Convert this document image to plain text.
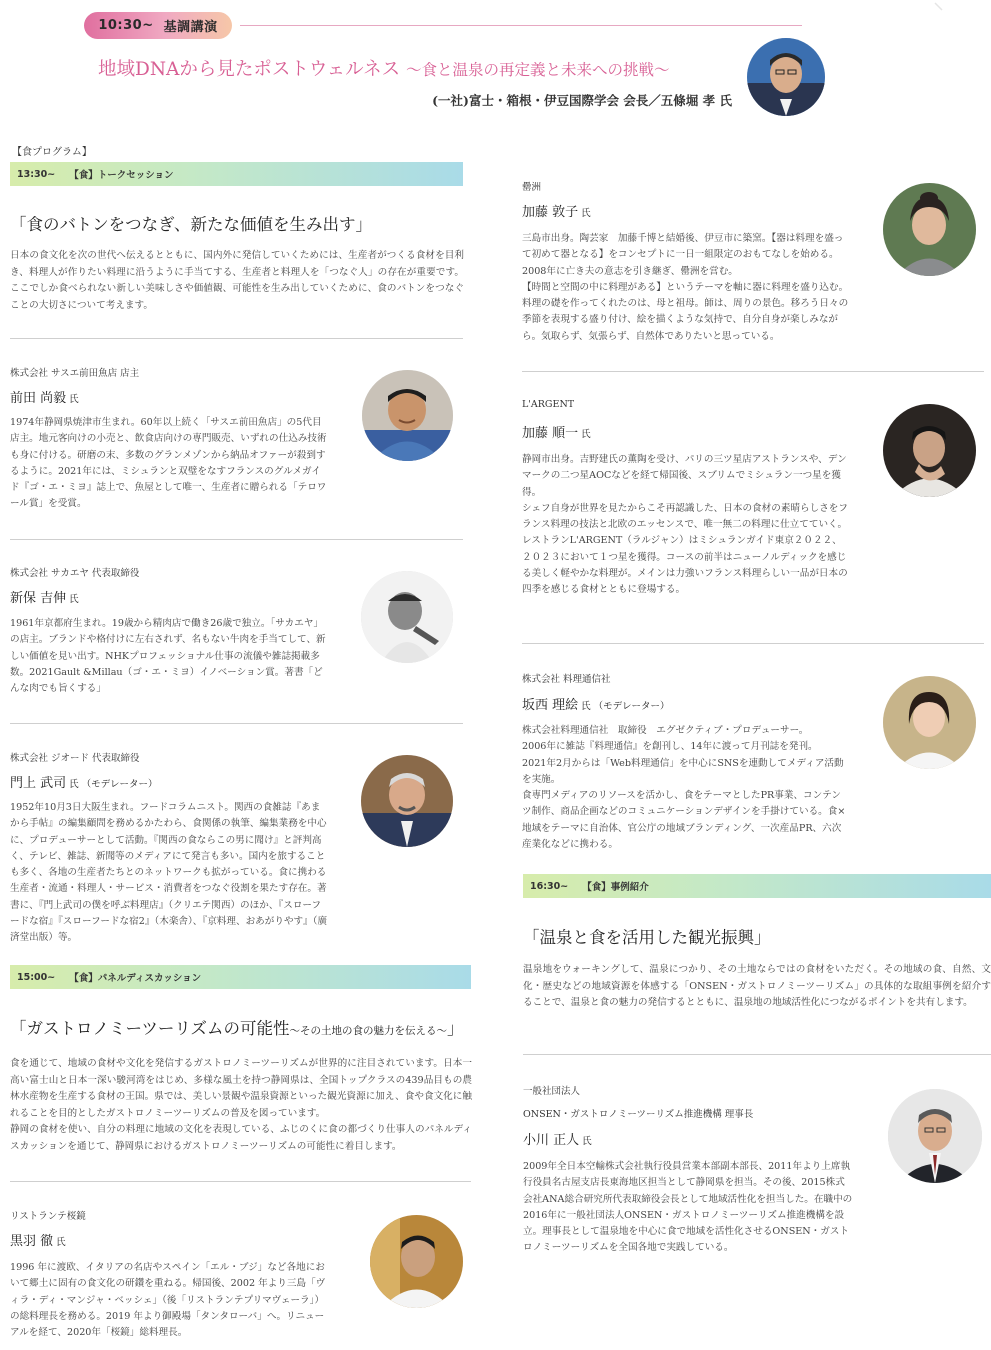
10:30~
基調講演
地域DNAから見たポストウェルネス 〜食と温泉の再定義と未来への挑戦〜
(一社)富士・箱根・伊豆国際学会 会長／五條堀 孝 氏
【食プログラム】
13:30~ 【食】トークセッション
「食のバトンをつなぎ、新たな価値を生み出す」
日本の食文化を次の世代へ伝えるとともに、国内外に発信していくためには、生産者がつくる食材を目利き、料理人が作りたい料理に沿うように手当てする、生産者と料理人を「つなぐ人」の存在が重要です。ここでしか食べられない新しい美味しさや価値観、可能性を生み出していくために、食のバトンをつなぐことの大切さについて考えます。
株式会社 サスエ前田魚店 店主
前田 尚毅 氏

1974年静岡県焼津市生まれ。60年以上続く「サスエ前田魚店」の5代目店主。地元客向けの小売と、飲食店向けの専門販売、いずれの仕込み技術も身に付ける。研磨の末、多数のグランメゾンから納品オファーが殺到するように。2021年には、ミシュランと双璧をなすフランスのグルメガイド『ゴ・エ・ミヨ』誌上で、魚屋として唯一、生産者に贈られる「テロワール賞」を受賞。

株式会社 サカエヤ 代表取締役
新保 吉伸 氏

1961年京都府生まれ。19歳から精肉店で働き26歳で独立。「サカエヤ」の店主。ブランドや格付けに左右されず、名もない牛肉を手当てして、新しい価値を見い出す。NHKプロフェッショナル仕事の流儀や雑誌掲載多数。2021Gault &Millau（ゴ・エ・ミヨ）イノベーション賞。著書「どんな肉でも旨くする」

株式会社 ジオード 代表取締役
門上 武司 氏 （モデレーター）

1952年10月3日大阪生まれ。フードコラムニスト。関西の食雑誌『あまから手帖』の編集顧問を務めるかたわら、食関係の執筆、編集業務を中心に、プロデューサーとして活動。『関西の食ならこの男に聞け』と評判高く、テレビ、雑誌、新聞等のメディアにて発言も多い。国内を旅することも多く、各地の生産者たちとのネットワークも拡がっている。食に携わる生産者・流通・料理人・サービス・消費者をつなぐ役割を果たす存在。著書に、『門上武司の僕を呼ぶ料理店』（クリエテ関西）のほか、『スローフードな宿』『スローフードな宿2』（木楽舎）、『京料理、おあがりやす』（廣済堂出版）等。

15:00~ 【食】パネルディスカッション
「ガストロノミーツーリズムの可能性〜その土地の食の魅力を伝える〜」
食を通じて、地域の食材や文化を発信するガストロノミーツーリズムが世界的に注目されています。日本一高い富士山と日本一深い駿河湾をはじめ、多様な風土を持つ静岡県は、全国トップクラスの439品目もの農林水産物を生産する食材の王国。県では、美しい景観や温泉資源といった観光資源に加え、食や食文化に触れることを目的としたガストロノミーツーリズムの普及を図っています。
静岡の食材を使い、自分の料理に地域の文化を表現している、ふじのくに食の都づくり仕事人のパネルディスカッションを通じて、静岡県におけるガストロノミーツーリズムの可能性に着目します。
リストランテ桜鏡
黒羽 徹 氏

1996 年に渡欧、イタリアの名店やスペイン「エル・ブジ」など各地において郷土に固有の食文化の研鑽を重ねる。帰国後、2002 年より三島「ヴィラ・ディ・マンジャ・ベッシェ」（後「リストランテプリマヴェーラ」）の総料理長を務める。2019 年より御殿場「タンタローバ」へ。リニューアルを経て、2020年「桜鏡」総料理長。

罍洲
加藤 敦子 氏

三島市出身。陶芸家　加藤千博と結婚後、伊豆市に築窯。【器は料理を盛って初めて器となる】をコンセプトに一日一組限定のおもてなしを始める。2008年に亡き夫の意志を引き継ぎ、罍洲を営む。

【時間と空間の中に料理がある】というテーマを軸に器に料理を盛り込む。料理の礎を作ってくれたのは、母と祖母。師は、周りの景色。移ろう日々の季節を表現する盛り付け、絵を描くような気持で、自分自身が楽しみながら。気取らず、気張らず、自然体でありたいと思っている。

L'ARGENT
加藤 順一 氏

静岡市出身。吉野建氏の薫陶を受け、パリの三ツ星店アストランスや、デンマークの二つ星AOCなどを経て帰国後、スブリムでミシュラン一つ星を獲得。

シェフ自身が世界を見たからこそ再認識した、日本の食材の素晴らしさをフランス料理の技法と北欧のエッセンスで、唯一無二の料理に仕立てていく。

レストランL'ARGENT（ラルジャン）はミシュランガイド東京２０２２、２０２３において１つ星を獲得。コースの前半はニューノルディックを感じる美しく軽やかな料理が。メインは力強いフランス料理らしい一品が日本の四季を感じる食材とともに登場する。

株式会社 料理通信社
坂西 理絵 氏 （モデレーター）

株式会社料理通信社　取締役　エグゼクティブ・プロデューサー。

2006年に雑誌『料理通信』を創刊し、14年に渡って月刊誌を発刊。

2021年2月からは「Web料理通信」を中心にSNSを連動してメディア活動を実施。

食専門メディアのリソースを活かし、食をテーマとしたPR事業、コンテンツ制作、商品企画などのコミュニケーションデザインを手掛けている。食×地域をテーマに自治体、官公庁の地域ブランディング、一次産品PR、六次産業化などに携わる。

16:30~ 【食】事例紹介
「温泉と食を活用した観光振興」
温泉地をウォーキングして、温泉につかり、その土地ならではの食材をいただく。その地域の食、自然、文化・歴史などの地域資源を体感する「ONSEN・ガストロノミーツーリズム」の具体的な取組事例を紹介することで、温泉と食の魅力の発信するとともに、温泉地の地域活性化につながるポイントを共有します。
一般社団法人
ONSEN・ガストロノミーツーリズム推進機構 理事長
小川 正人 氏

2009年全日本空輸株式会社執行役員営業本部副本部長、2011年より上席執行役員名古屋支店長東海地区担当として静岡県を担当。その後、2015株式会社ANA総合研究所代表取締役会長として地域活性化を担当した。在職中の2016年に一般社団法人ONSEN・ガストロノミーツーリズム推進機構を設立。理事長として温泉地を中心に食で地域を活性化させるONSEN・ガストロノミーツーリズムを全国各地で実践している。
